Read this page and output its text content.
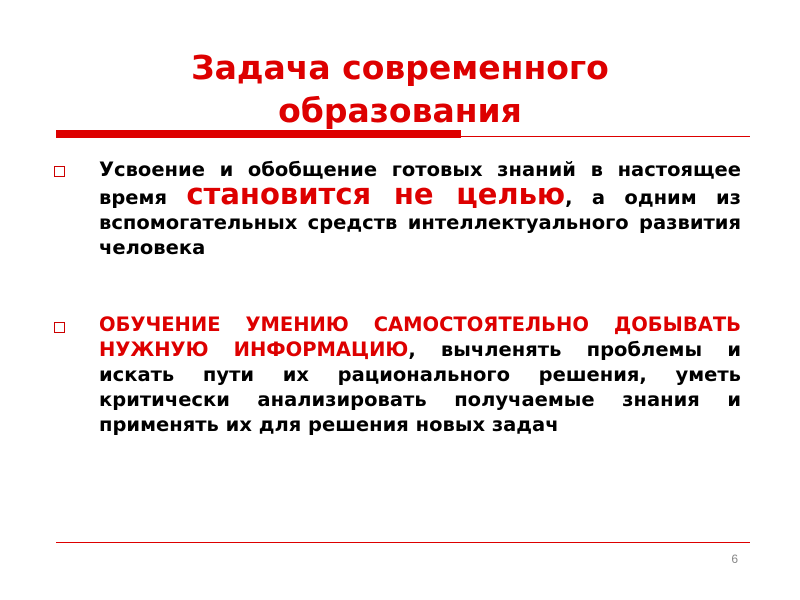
Задача современного образования

Усвоение и обобщение готовых знаний в настоящее время становится не целью, а одним из вспомогательных средств интеллектуального развития человека

ОБУЧЕНИЕ УМЕНИЮ САМОСТОЯТЕЛЬНО ДОБЫВАТЬ НУЖНУЮ ИНФОРМАЦИЮ, вычленять проблемы и искать пути их рационального решения, уметь критически анализировать получаемые знания и применять их для решения новых задач

6
